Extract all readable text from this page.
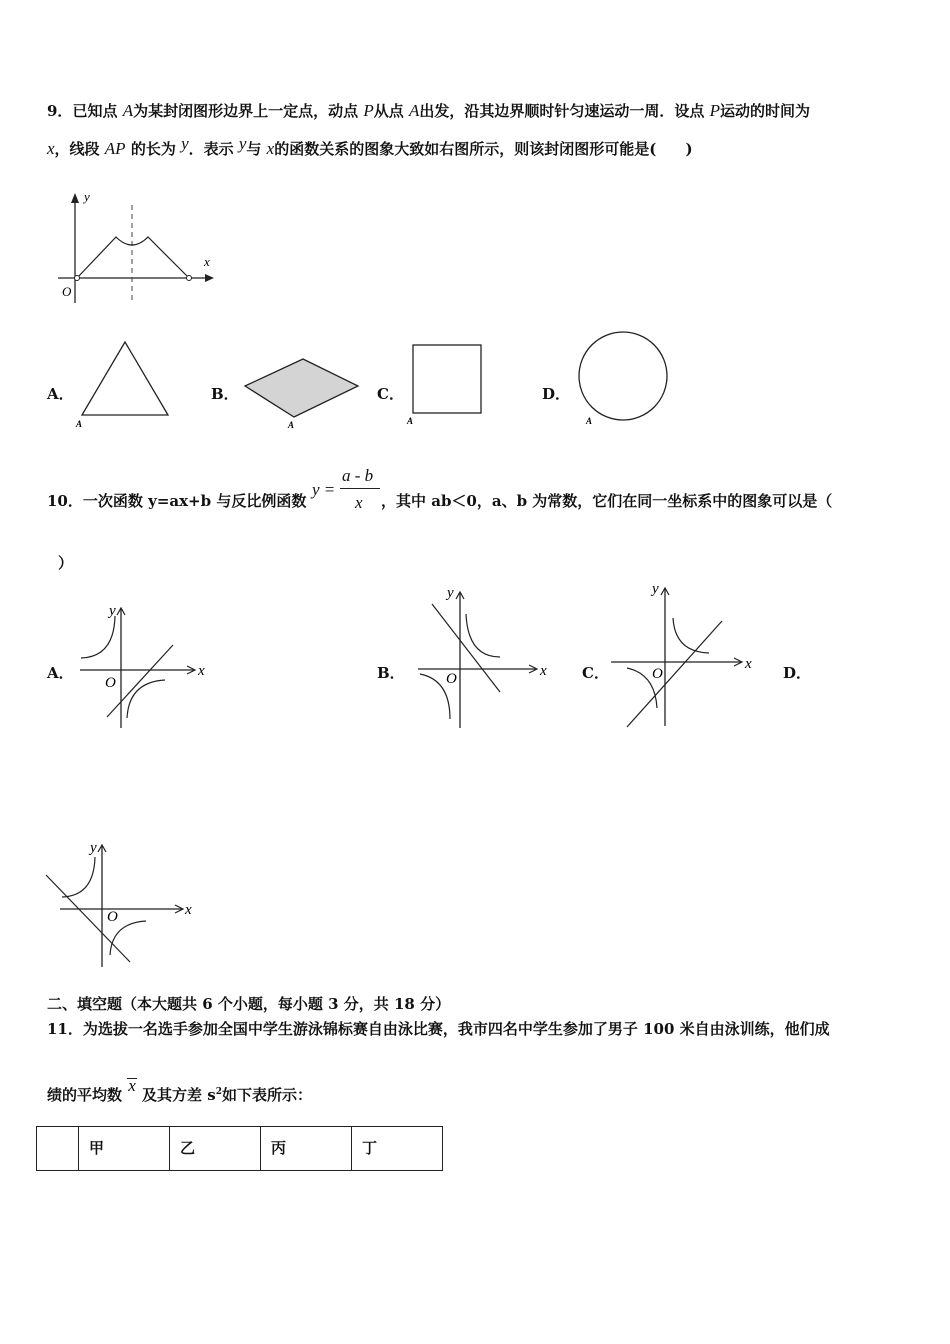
9．已知点 A为某封闭图形边界上一定点，动点 P从点 A出发，沿其边界顺时针匀速运动一周．设点 P运动的时间为
x，线段 AP 的长为 y．表示 y与 x的函数关系的图象大致如右图所示，则该封闭图形可能是( )
y
x
O
A．
A
B．
A
C．
A
D．
A
10．一次函数 y=ax+b 与反比例函数
y =
a - b
x ，其中 ab＜0，a、b 为常数，它们在同一坐标系中的图象可以是（
）
A．	x
y
O
B．	x
y
O	C．	x
y
O	D．
x
y
O
二、填空题（本大题共 6 个小题，每小题 3 分，共 18 分）
11．为选拔一名选手参加全国中学生游泳锦标赛自由泳比赛，我市四名中学生参加了男子 100 米自由泳训练，他们成
绩的平均数 x 及其方差 $s^2$如下表所示：
	甲	乙	丙	丁
